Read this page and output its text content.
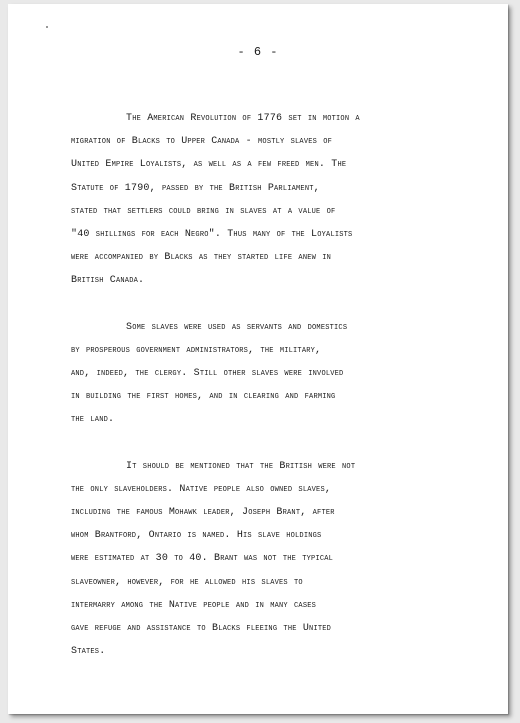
- 6 -
The American Revolution of 1776 set in motion a
migration of Blacks to Upper Canada - mostly slaves of
United Empire Loyalists, as well as a few freed men. The
Statute of 1790, passed by the British Parliament,
stated that settlers could bring in slaves at a value of
"40 shillings for each Negro". Thus many of the Loyalists
were accompanied by Blacks as they started life anew in
British Canada.
Some slaves were used as servants and domestics
by prosperous government administrators, the military,
and, indeed, the clergy. Still other slaves were involved
in building the first homes, and in clearing and farming
the land.
It should be mentioned that the British were not
the only slaveholders. Native people also owned slaves,
including the famous Mohawk leader, Joseph Brant, after
whom Brantford, Ontario is named. His slave holdings
were estimated at 30 to 40. Brant was not the typical
slaveowner, however, for he allowed his slaves to
intermarry among the Native people and in many cases
gave refuge and assistance to Blacks fleeing the United
States.
